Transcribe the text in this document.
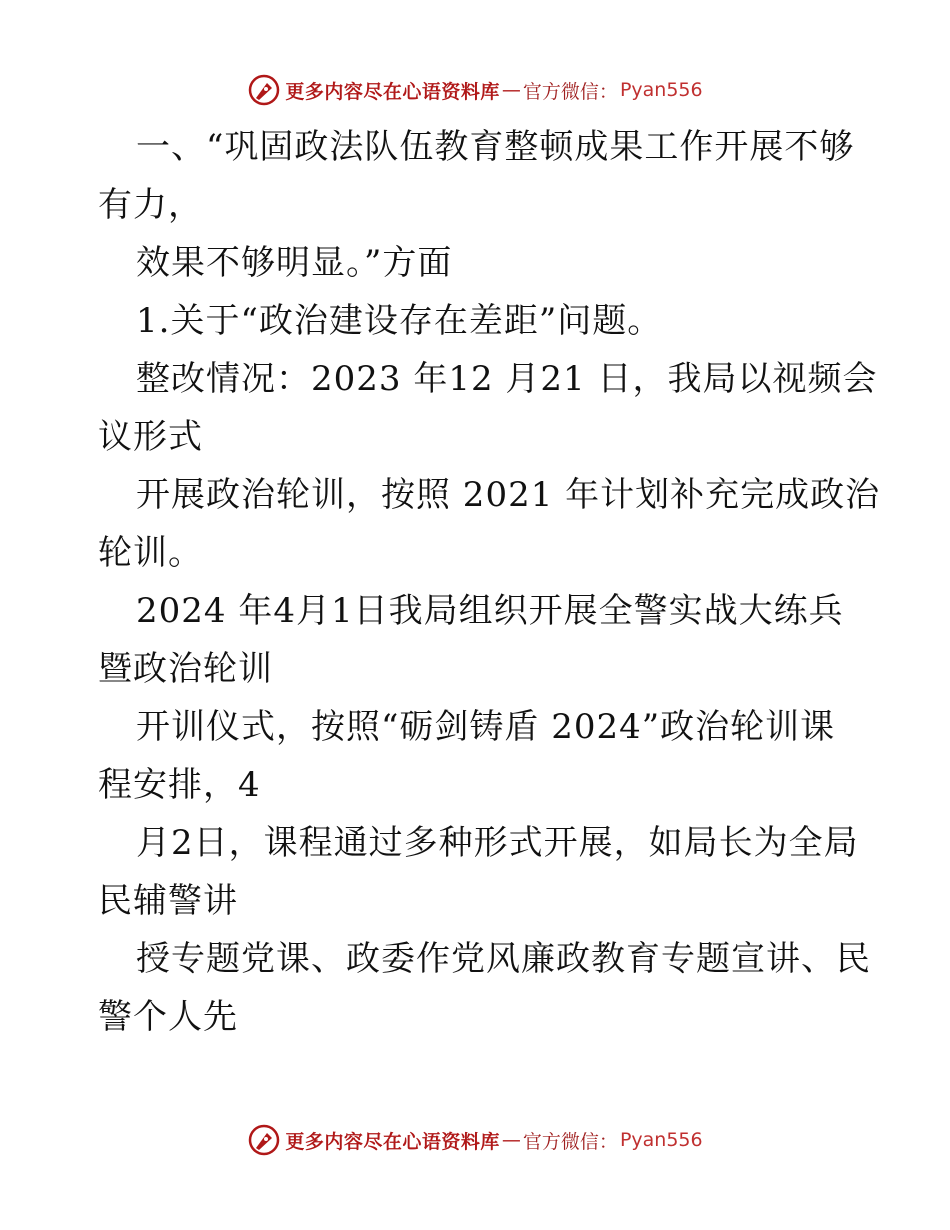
更多内容尽在心语资料库 — 官方微信： Pyan556
一、“巩固政法队伍教育整顿成果工作开展不够
有力，
效果不够明显。”方面
1.关于“政治建设存在差距”问题。
整改情况：2023 年12 月21 日，我局以视频会
议形式
开展政治轮训，按照 2021 年计划补充完成政治
轮训。
2024 年4月1日我局组织开展全警实战大练兵
暨政治轮训
开训仪式，按照“砺剑铸盾 2024”政治轮训课
程安排，4
月2日，课程通过多种形式开展，如局长为全局
民辅警讲
授专题党课、政委作党风廉政教育专题宣讲、民
警个人先
更多内容尽在心语资料库 — 官方微信： Pyan556
